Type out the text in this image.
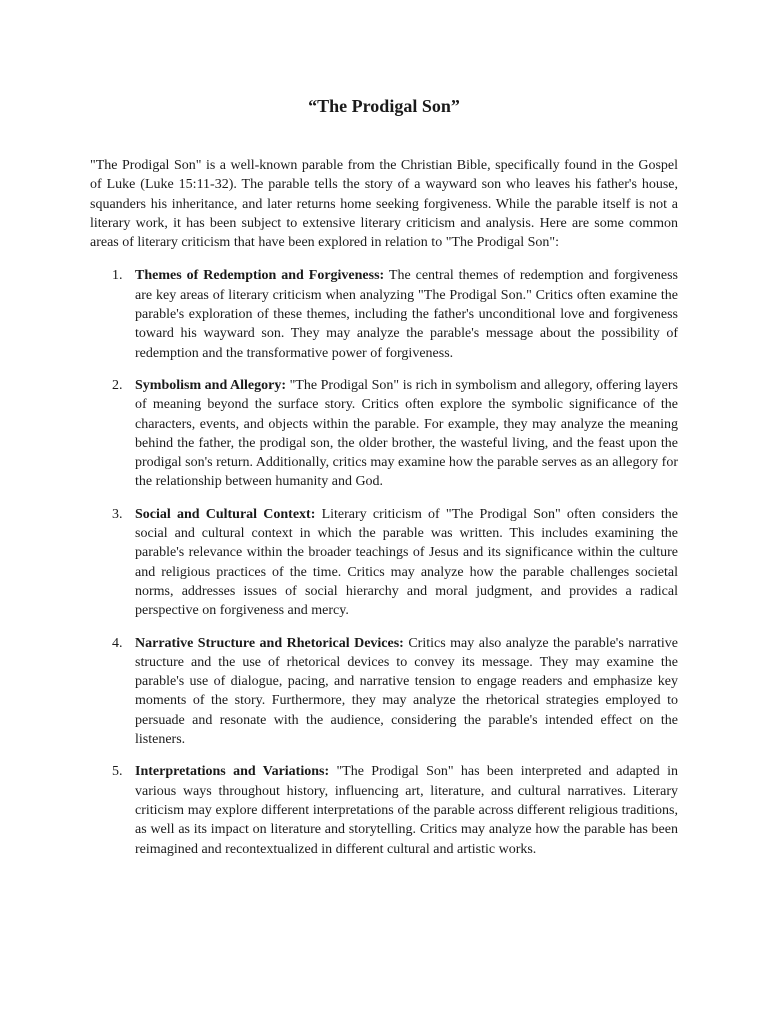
“The Prodigal Son”

"The Prodigal Son" is a well-known parable from the Christian Bible, specifically found in the Gospel of Luke (Luke 15:11-32). The parable tells the story of a wayward son who leaves his father's house, squanders his inheritance, and later returns home seeking forgiveness. While the parable itself is not a literary work, it has been subject to extensive literary criticism and analysis. Here are some common areas of literary criticism that have been explored in relation to "The Prodigal Son":

1. Themes of Redemption and Forgiveness: The central themes of redemption and forgiveness are key areas of literary criticism when analyzing "The Prodigal Son." Critics often examine the parable's exploration of these themes, including the father's unconditional love and forgiveness toward his wayward son. They may analyze the parable's message about the possibility of redemption and the transformative power of forgiveness.
2. Symbolism and Allegory: "The Prodigal Son" is rich in symbolism and allegory, offering layers of meaning beyond the surface story. Critics often explore the symbolic significance of the characters, events, and objects within the parable. For example, they may analyze the meaning behind the father, the prodigal son, the older brother, the wasteful living, and the feast upon the prodigal son's return. Additionally, critics may examine how the parable serves as an allegory for the relationship between humanity and God.
3. Social and Cultural Context: Literary criticism of "The Prodigal Son" often considers the social and cultural context in which the parable was written. This includes examining the parable's relevance within the broader teachings of Jesus and its significance within the culture and religious practices of the time. Critics may analyze how the parable challenges societal norms, addresses issues of social hierarchy and moral judgment, and provides a radical perspective on forgiveness and mercy.
4. Narrative Structure and Rhetorical Devices: Critics may also analyze the parable's narrative structure and the use of rhetorical devices to convey its message. They may examine the parable's use of dialogue, pacing, and narrative tension to engage readers and emphasize key moments of the story. Furthermore, they may analyze the rhetorical strategies employed to persuade and resonate with the audience, considering the parable's intended effect on the listeners.
5. Interpretations and Variations: "The Prodigal Son" has been interpreted and adapted in various ways throughout history, influencing art, literature, and cultural narratives. Literary criticism may explore different interpretations of the parable across different religious traditions, as well as its impact on literature and storytelling. Critics may analyze how the parable has been reimagined and recontextualized in different cultural and artistic works.
